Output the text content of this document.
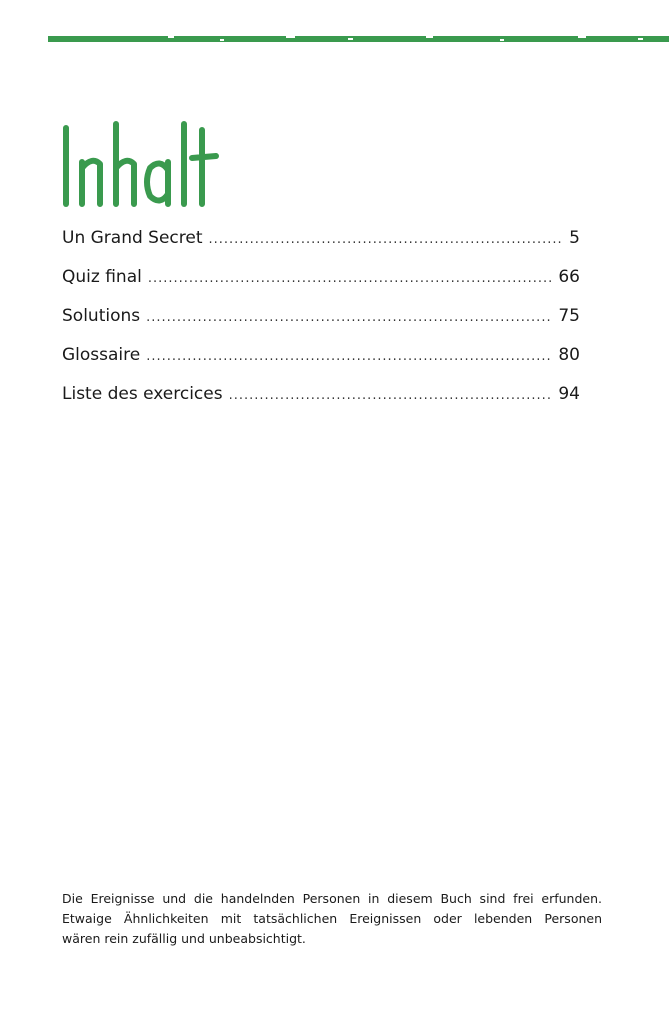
Un Grand Secret .....	5
Quiz final .....	66
Solutions .....	75
Glossaire .....	80
Liste des exercices .....	94

Die Ereignisse und die handelnden Personen in diesem Buch sind frei erfunden.

Etwaige Ähnlichkeiten mit tatsächlichen Ereignissen oder lebenden Personen

wären rein zufällig und unbeabsichtigt.
